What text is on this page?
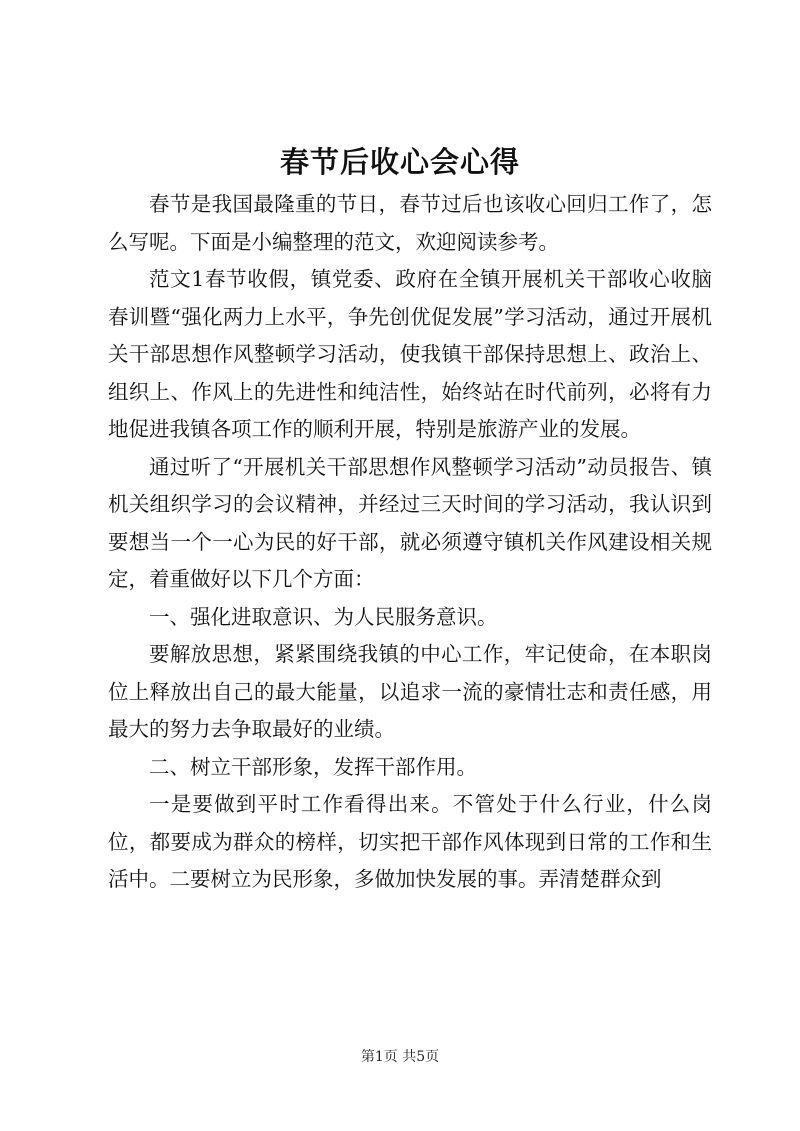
春节后收心会心得

春节是我国最隆重的节日，春节过后也该收心回归工作了，怎么写呢。下面是小编整理的范文，欢迎阅读参考。

范文1春节收假，镇党委、政府在全镇开展机关干部收心收脑春训暨“强化两力上水平，争先创优促发展”学习活动，通过开展机关干部思想作风整顿学习活动，使我镇干部保持思想上、政治上、组织上、作风上的先进性和纯洁性，始终站在时代前列，必将有力地促进我镇各项工作的顺利开展，特别是旅游产业的发展。

通过听了“开展机关干部思想作风整顿学习活动”动员报告、镇机关组织学习的会议精神，并经过三天时间的学习活动，我认识到要想当一个一心为民的好干部，就必须遵守镇机关作风建设相关规定，着重做好以下几个方面：

一、强化进取意识、为人民服务意识。

要解放思想，紧紧围绕我镇的中心工作，牢记使命，在本职岗位上释放出自己的最大能量，以追求一流的豪情壮志和责任感，用最大的努力去争取最好的业绩。

二、树立干部形象，发挥干部作用。

一是要做到平时工作看得出来。不管处于什么行业，什么岗位，都要成为群众的榜样，切实把干部作风体现到日常的工作和生活中。二要树立为民形象，多做加快发展的事。弄清楚群众到

第1页 共5页
